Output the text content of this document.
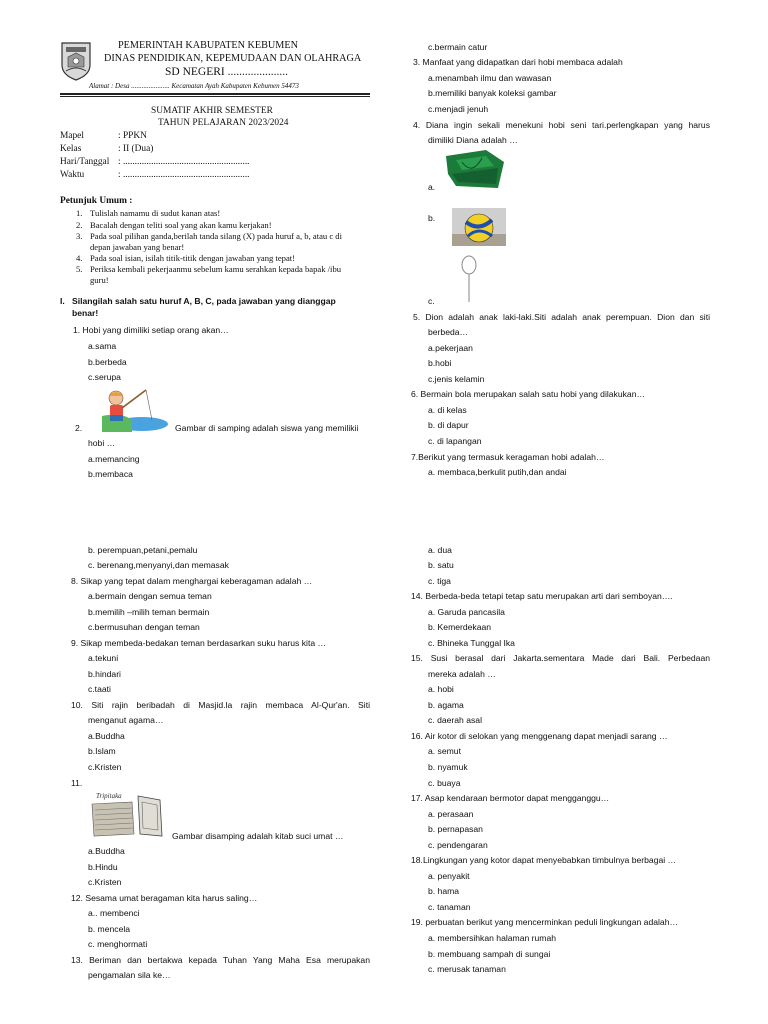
PEMERINTAH KABUPATEN KEBUMEN
DINAS PENDIDIKAN, KEPEMUDAAN DAN OLAHRAGA
SD NEGERI .....................
Alamat : Desa ...................... Kecamatan Ayah Kabupaten Kebumen 54473
SUMATIF AKHIR SEMESTER
TAHUN PELAJARAN 2023/2024
Mapel	: PPKN
Kelas	: II (Dua)
Hari/Tanggal : ......................................................
Waktu	: ......................................................
Petunjuk Umum :
1. Tulislah namamu di sudut kanan atas!
2. Bacalah dengan teliti soal yang akan kamu kerjakan!
3. Pada soal pilihan ganda,berilah tanda silang (X) pada huruf a, b, atau c di
depan jawaban yang benar!
4. Pada soal isian, isilah titik-titik dengan jawaban yang tepat!
5. Periksa kembali pekerjaanmu sebelum kamu serahkan kepada bapak /ibu
guru!
I. Silangilah salah satu huruf A, B, C, pada jawaban yang dianggap
benar!
1. Hobi yang dimiliki setiap orang akan…
a.sama
b.berbeda
c.serupa
2.	Gambar di samping adalah siswa yang memilikii
hobi …
a.memancing
b.membaca
c.bermain catur
3. Manfaat yang didapatkan dari hobi membaca adalah
a.menambah ilmu dan wawasan
b.memiliki banyak koleksi gambar
c.menjadi jenuh
4. Diana ingin sekali menekuni hobi seni tari.perlengkapan yang harus
dimiliki Diana adalah …
a.
b.
c.
5. Dion adalah anak laki-laki.Siti adalah anak perempuan. Dion dan siti
berbeda…
a.pekerjaan
b.hobi
c.jenis kelamin
6. Bermain bola merupakan salah satu hobi yang dilakukan…
a. di kelas
b. di dapur
c. di lapangan
7.Berikut yang termasuk keragaman hobi adalah…
a. membaca,berkulit putih,dan andai
b. perempuan,petani,pemalu
c. berenang,menyanyi,dan memasak
8. Sikap yang tepat dalam menghargai keberagaman adalah …
a.bermain dengan semua teman
b.memilih –milih teman bermain
c.bermusuhan dengan teman
9. Sikap membeda-bedakan teman berdasarkan suku harus kita …
a.tekuni
b.hindari
c.taati
10. Siti rajin beribadah di Masjid.la rajin membaca Al-Qur'an. Siti
menganut agama…
a.Buddha
b.Islam
c.Kristen
11.
Tripitaka
Gambar disamping adalah kitab suci umat …
a.Buddha
b.Hindu
c.Kristen
12. Sesama umat beragaman kita harus saling…
a.. membenci
b. mencela
c. menghormati
13. Beriman dan bertakwa kepada Tuhan Yang Maha Esa merupakan
pengamalan sila ke…
a. dua
b. satu
c. tiga
14. Berbeda-beda tetapi tetap satu merupakan arti dari semboyan….
a. Garuda pancasila
b. Kemerdekaan
c. Bhineka Tunggal Ika
15. Susi berasal dari Jakarta.sementara Made dari Bali. Perbedaan
mereka adalah …
a. hobi
b. agama
c. daerah asal
16. Air kotor di selokan yang menggenang dapat menjadi sarang …
a. semut
b. nyamuk
c. buaya
17. Asap kendaraan bermotor dapat mengganggu…
a. perasaan
b. pernapasan
c. pendengaran
18.Lingkungan yang kotor dapat menyebabkan timbulnya berbagai …
a. penyakit
b. hama
c. tanaman
19. perbuatan berikut yang mencerminkan peduli lingkungan adalah…
a. membersihkan halaman rumah
b. membuang sampah di sungai
c. merusak tanaman
